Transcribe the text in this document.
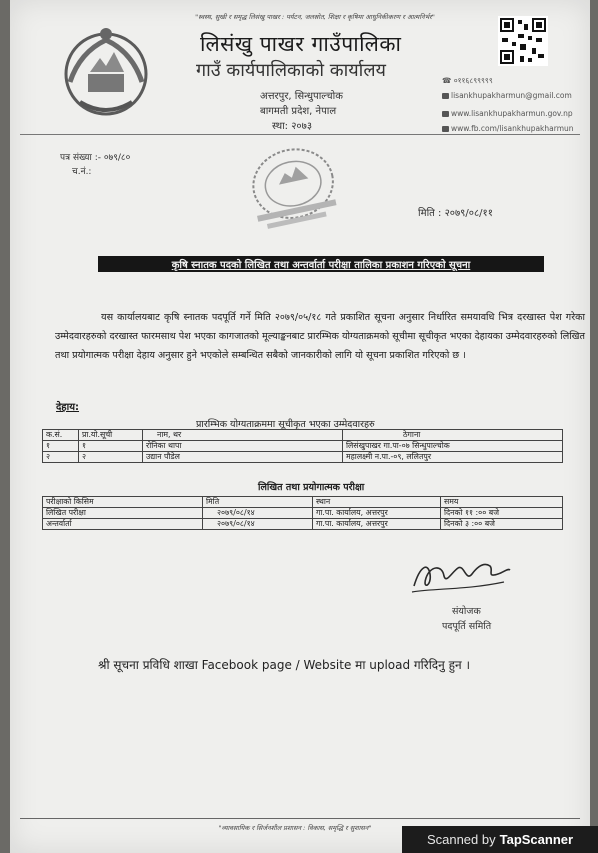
"स्वस्थ, सुखी र समृद्ध लिसंखु पाखर : पर्यटन, जलस्रोत, शिक्षा र कृषिमा आधुनिकीकरण र आत्मनिर्भर"
लिसंखु पाखर गाउँपालिका
गाउँ कार्यपालिकाको कार्यालय
अत्तरपुर, सिन्धुपाल्चोक
बागमती प्रदेश, नेपाल
स्था: २०७३
☎ ०११६८९९९९९
lisankhupakharmun@gmail.com
www.lisankhupakharmun.gov.np
www.fb.com/lisankhupakharmun
पत्र संख्या :- ०७९/८०
च.नं.:
मिति : २०७९/०८/११
कृषि स्नातक पदको लिखित तथा अन्तर्वार्ता परीक्षा तालिका प्रकाशन गरिएको सूचना
यस कार्यालयबाट कृषि स्नातक पदपूर्ति गर्ने मिति २०७९/०५/१८ गते प्रकाशित सूचना अनुसार निर्धारित समयावधि भित्र दरखास्त पेश गरेका उम्मेदवारहरुको दरखास्त फारमसाथ पेश भएका कागजातको मूल्याङ्कनबाट प्रारम्भिक योग्यताक्रमको सूचीमा सूचीकृत भएका देहायका उम्मेदवारहरुको लिखित तथा प्रयोगात्मक परीक्षा देहाय अनुसार हुने भएकोले सम्बन्धित सबैको जानकारीको लागि यो सूचना प्रकाशित गरिएको छ ।
देहाय:
प्रारम्भिक योग्यताक्रममा सूचीकृत भएका उम्मेदवारहरु
क.सं.	प्रा.यो.सूची	नाम, थर	ठेगाना
१	१	रोनिका थापा	लिसंखुपाखर गा.पा-०७ सिन्धुपाल्चोक
२	२	उद्यान पौडेल	महालक्ष्मी न.पा.-०९, ललितपुर
लिखित तथा प्रयोगात्मक परीक्षा
परीक्षाको किसिम	मिति	स्थान	समय
लिखित परीक्षा	२०७९/०८/१४	गा.पा. कार्यालय, अत्तरपुर	दिनको ११ :०० बजे
अन्तर्वार्ता	२०७९/०८/१४	गा.पा. कार्यालय, अत्तरपुर	दिनको ३ :०० बजे
संयोजक
पदपूर्ति समिति
श्री सूचना प्रविधि शाखा Facebook page / Website मा upload गरिदिनु हुन ।
"व्यावसायिक र सिर्जनशील प्रशासन : विकास, समृद्धि र सुशासन"
Scanned by TapScanner
